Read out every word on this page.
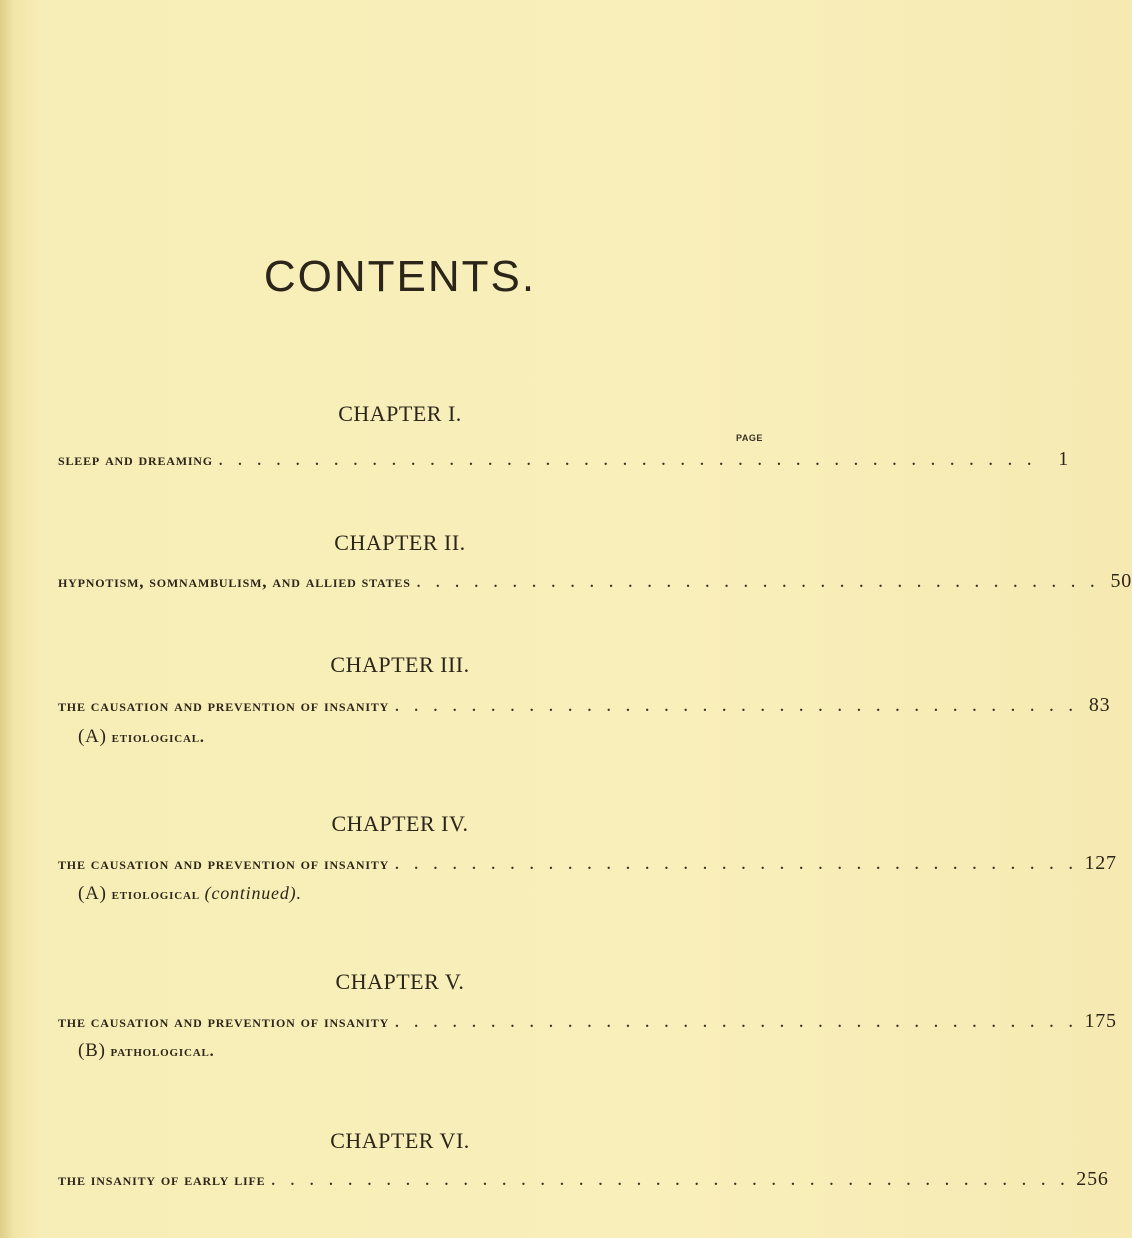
CONTENTS.
CHAPTER I.
PAGE
sleep and dreaming . . . . . . . . . . . . . . . . . . . . . . . . . . . . . . . . . . . . . . . . . . .	1
CHAPTER II.
hypnotism, somnambulism, and allied states . . . . . . . . . . . . . . . . . . . . . . . . . . . . . . . . . . . . 50
CHAPTER III.
the causation and prevention of insanity . . . . . . . . . . . . . . . . . . . . . . . . . . . . . . . . . . . . 83
(A) etiological.
CHAPTER IV.
the causation and prevention of insanity . . . . . . . . . . . . . . . . . . . . . . . . . . . . . . . . . . . . 127
(A) etiological (continued).
CHAPTER V.
the causation and prevention of insanity . . . . . . . . . . . . . . . . . . . . . . . . . . . . . . . . . . . . 175
(B) pathological.
CHAPTER VI.
the insanity of early life . . . . . . . . . . . . . . . . . . . . . . . . . . . . . . . . . . . . . . . . . . 256
